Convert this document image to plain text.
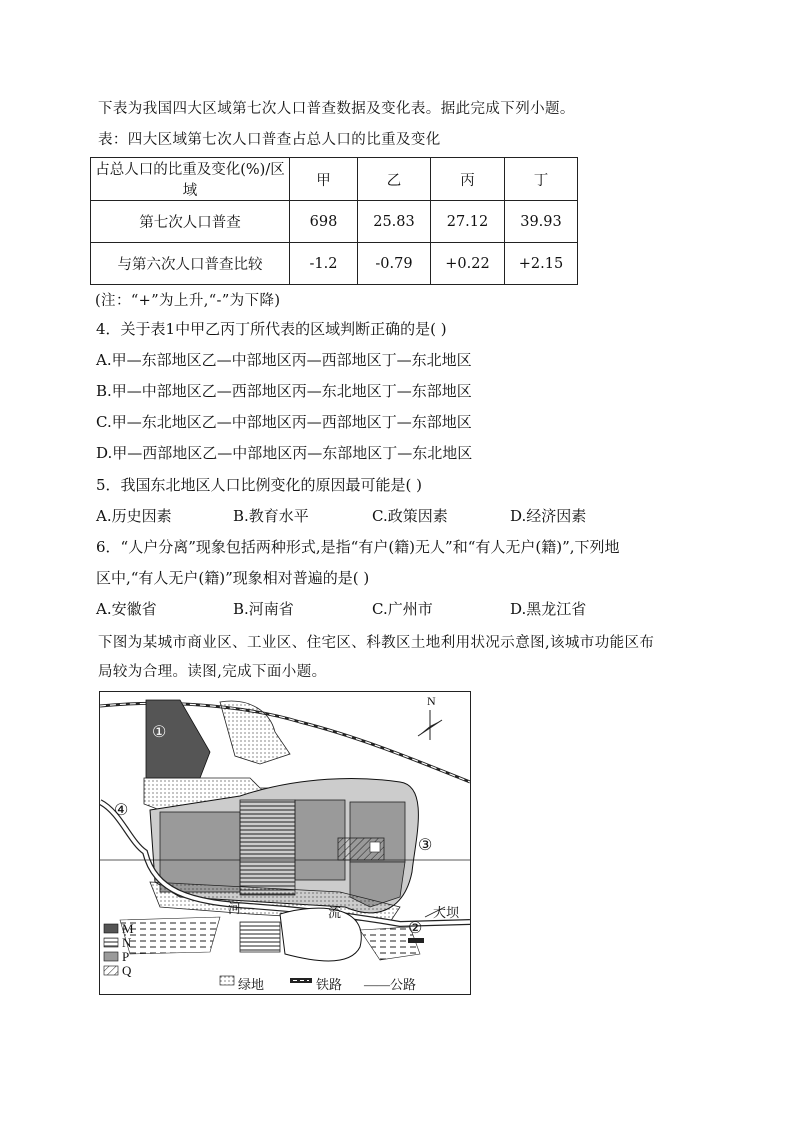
下表为我国四大区域第七次人口普查数据及变化表。据此完成下列小题。
表：四大区域第七次人口普查占总人口的比重及变化
占总人口的比重及变化(%)/区域	甲	乙	丙	丁
第七次人口普查	698	25.83	27.12	39.93
与第六次人口普查比较	-1.2	-0.79	+0.22	+2.15
(注：“+”为上升,“-”为下降)
4．关于表1中甲乙丙丁所代表的区域判断正确的是( )
A.甲—东部地区乙—中部地区丙—西部地区丁—东北地区
B.甲—中部地区乙—西部地区丙—东北地区丁—东部地区
C.甲—东北地区乙—中部地区丙—西部地区丁—东部地区
D.甲—西部地区乙—中部地区丙—东部地区丁—东北地区
5．我国东北地区人口比例变化的原因最可能是( )
A.历史因素	B.教育水平	C.政策因素	D.经济因素
6．“人户分离”现象包括两种形式,是指“有户(籍)无人”和“有人无户(籍)”,下列地
区中,“有人无户(籍)”现象相对普遍的是( )
A.安徽省	B.河南省	C.广州市	D.黑龙江省
下图为某城市商业区、工业区、住宅区、科教区土地利用状况示意图,该城市功能区布
局较为合理。读图,完成下面小题。
N
①
④
③
②
河	流	大坝
M
N
P
Q
绿地	铁路 ——公路
